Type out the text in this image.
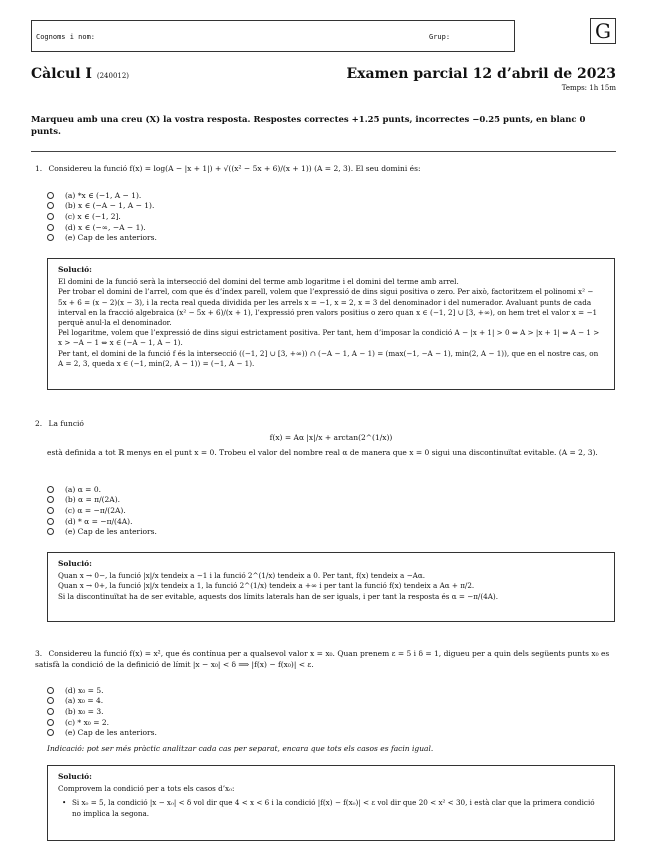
Cognoms i nom:	Grup:	G
Càlcul I (240012)	Examen parcial 12 d’abril de 2023
Temps: 1h 15m
Marqueu amb una creu (X) la vostra resposta. Respostes correctes +1.25 punts, incorrectes −0.25 punts, en blanc 0 punts.
1. Considereu la funció f(x) = log(A − |x + 1|) + √((x² − 5x + 6)/(x + 1)) (A = 2, 3). El seu domini és:
(a) *x ∈ (−1, A − 1).
(b) x ∈ (−A − 1, A − 1).
(c) x ∈ (−1, 2].
(d) x ∈ (−∞, −A − 1).
(e) Cap de les anteriors.
Solució:

El domini de la funció serà la intersecció del domini del terme amb logaritme i el domini del terme amb arrel.

Per trobar el domini de l’arrel, com que és d’índex parell, volem que l’expressió de dins sigui positiva o zero. Per això, factoritzem el polinomi x² − 5x + 6 = (x − 2)(x − 3), i la recta real queda dividida per les arrels x = −1, x = 2, x = 3 del denominador i del numerador. Avaluant punts de cada interval en la fracció algebraica (x² − 5x + 6)/(x + 1), l’expressió pren valors positius o zero quan x ∈ (−1, 2] ∪ [3, +∞), on hem tret el valor x = −1 perquè anul·la el denominador.

Pel logaritme, volem que l’expressió de dins sigui estrictament positiva. Per tant, hem d’imposar la condició A − |x + 1| > 0 ⇔ A > |x + 1| ⇔ A − 1 > x > −A − 1 ⇔ x ∈ (−A − 1, A − 1).

Per tant, el domini de la funció f és la intersecció ((−1, 2] ∪ [3, +∞)) ∩ (−A − 1, A − 1) = (max(−1, −A − 1), min(2, A − 1)), que en el nostre cas, on A = 2, 3, queda x ∈ (−1, min(2, A − 1)) = (−1, A − 1).

2. La funció
f(x) = Aα |x|/x + arctan(2^(1/x))
està definida a tot ℝ menys en el punt x = 0. Trobeu el valor del nombre real α de manera que x = 0 sigui una discontinuïtat evitable. (A = 2, 3).
(a) α = 0.
(b) α = π/(2A).
(c) α = −π/(2A).
(d) * α = −π/(4A).
(e) Cap de les anteriors.
Solució:

Quan x → 0−, la funció |x|/x tendeix a −1 i la funció 2^(1/x) tendeix a 0. Per tant, f(x) tendeix a −Aα.

Quan x → 0+, la funció |x|/x tendeix a 1, la funció 2^(1/x) tendeix a +∞ i per tant la funció f(x) tendeix a Aα + π/2.

Si la discontinuïtat ha de ser evitable, aquests dos límits laterals han de ser iguals, i per tant la resposta és α = −π/(4A).

3. Considereu la funció f(x) = x², que és contínua per a qualsevol valor x = x₀. Quan prenem ε = 5 i δ = 1, digueu per a quin dels següents punts x₀ es satisfà la condició de la definició de límit |x − x₀| < δ ⟹ |f(x) − f(x₀)| < ε.
(d) x₀ = 5.
(a) x₀ = 4.
(b) x₀ = 3.
(c) * x₀ = 2.
(e) Cap de les anteriors.
Indicació: pot ser més pràctic analitzar cada cas per separat, encara que tots els casos es facin igual.
Solució:

Comprovem la condició per a tots els casos d’x₀:

• Si x₀ = 5, la condició |x − x₀| < δ vol dir que 4 < x < 6 i la condició |f(x) − f(x₀)| < ε vol dir que 20 < x² < 30, i està clar que la primera condició no implica la segona.
